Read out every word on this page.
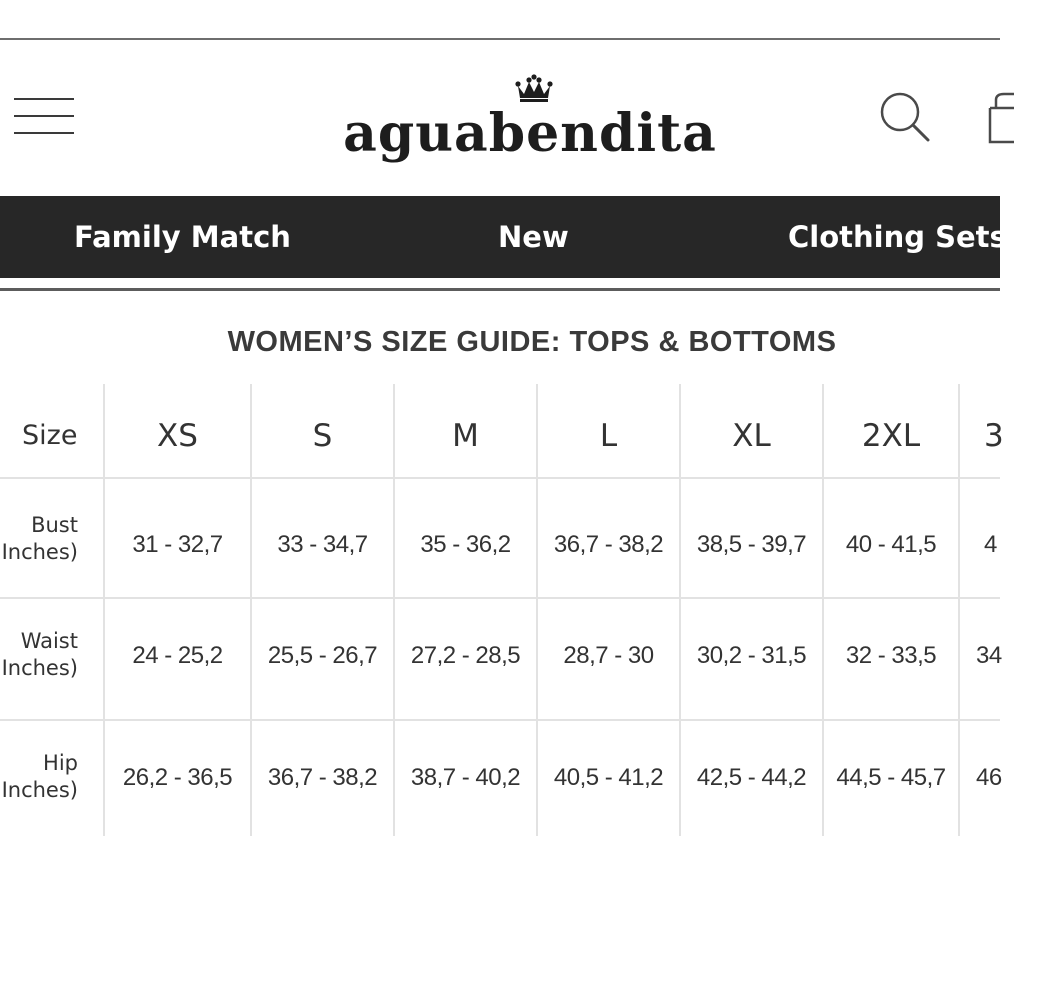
aguabendita
Family Match	New	Clothing Sets
WOMEN’S SIZE GUIDE: TOPS & BOTTOMS
Size	XS	S	M	L	XL	2XL	3
Bust
Inches)	31 - 32,7	33 - 34,7	35 - 36,2	36,7 - 38,2	38,5 - 39,7	40 - 41,5	4
Waist
Inches)	24 - 25,2	25,5 - 26,7	27,2 - 28,5	28,7 - 30	30,2 - 31,5	32 - 33,5	34
Hip
Inches)	26,2 - 36,5	36,7 - 38,2	38,7 - 40,2	40,5 - 41,2	42,5 - 44,2	44,5 - 45,7	46
